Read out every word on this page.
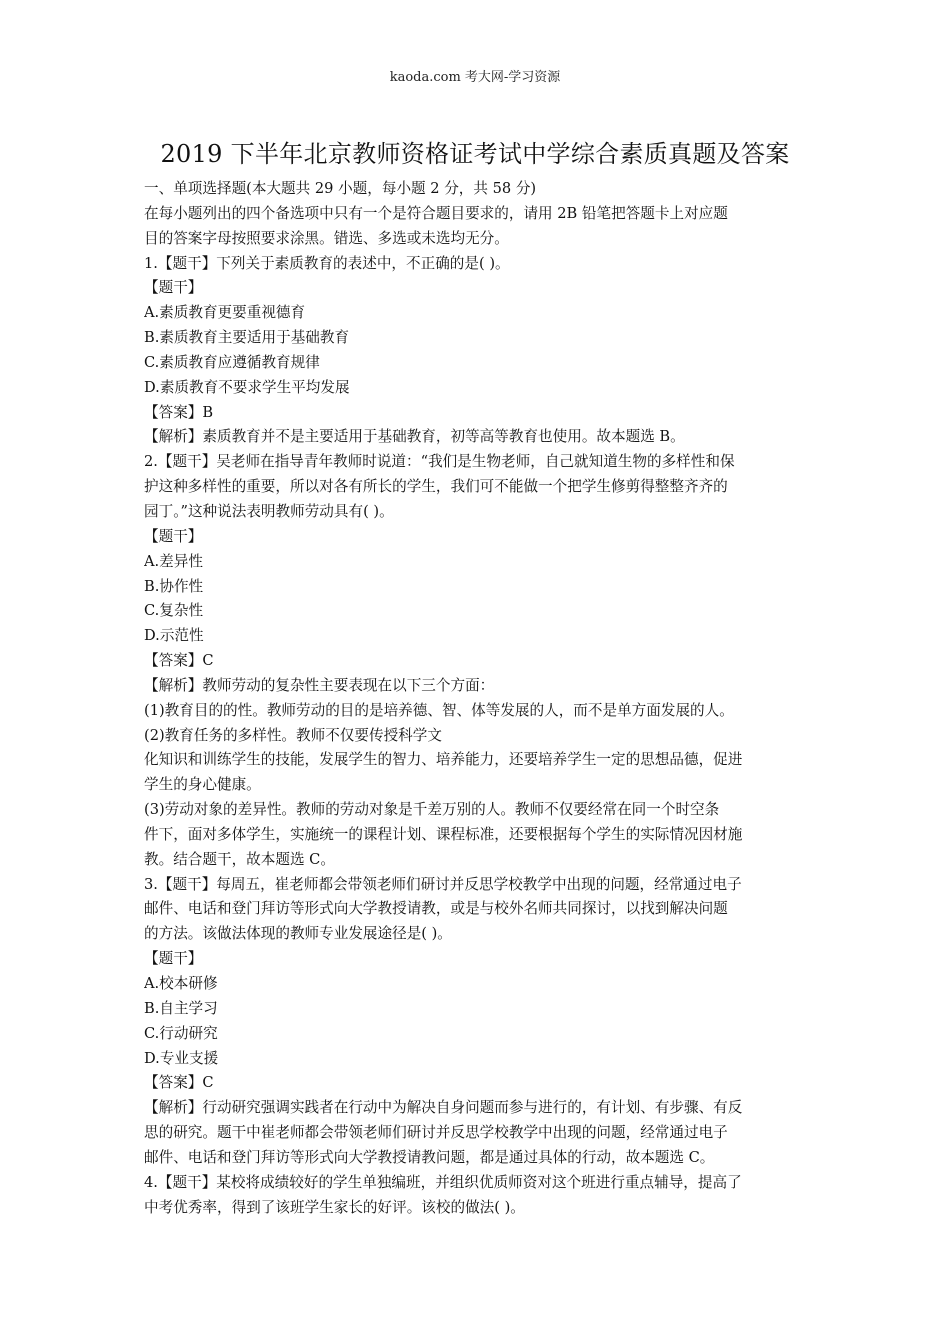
kaoda.com 考大网-学习资源
2019 下半年北京教师资格证考试中学综合素质真题及答案
一、单项选择题(本大题共 29 小题，每小题 2 分，共 58 分)
在每小题列出的四个备选项中只有一个是符合题目要求的，请用 2B 铅笔把答题卡上对应题
目的答案字母按照要求涂黑。错选、多选或未选均无分。
1.【题干】下列关于素质教育的表述中，不正确的是( )。
【题干】
A.素质教育更要重视德育
B.素质教育主要适用于基础教育
C.素质教育应遵循教育规律
D.素质教育不要求学生平均发展
【答案】B
【解析】素质教育并不是主要适用于基础教育，初等高等教育也使用。故本题选 B。
2.【题干】吴老师在指导青年教师时说道：“我们是生物老师，自己就知道生物的多样性和保
护这种多样性的重要，所以对各有所长的学生，我们可不能做一个把学生修剪得整整齐齐的
园丁。”这种说法表明教师劳动具有( )。
【题干】
A.差异性
B.协作性
C.复杂性
D.示范性
【答案】C
【解析】教师劳动的复杂性主要表现在以下三个方面：
(1)教育目的的性。教师劳动的目的是培养德、智、体等发展的人，而不是单方面发展的人。
(2)教育任务的多样性。教师不仅要传授科学文
化知识和训练学生的技能，发展学生的智力、培养能力，还要培养学生一定的思想品德，促进
学生的身心健康。
(3)劳动对象的差异性。教师的劳动对象是千差万别的人。教师不仅要经常在同一个时空条
件下，面对多体学生，实施统一的课程计划、课程标准，还要根据每个学生的实际情况因材施
教。结合题干，故本题选 C。
3.【题干】每周五，崔老师都会带领老师们研讨并反思学校教学中出现的问题，经常通过电子
邮件、电话和登门拜访等形式向大学教授请教，或是与校外名师共同探讨，以找到解决问题
的方法。该做法体现的教师专业发展途径是( )。
【题干】
A.校本研修
B.自主学习
C.行动研究
D.专业支援
【答案】C
【解析】行动研究强调实践者在行动中为解决自身问题而参与进行的，有计划、有步骤、有反
思的研究。题干中崔老师都会带领老师们研讨并反思学校教学中出现的问题，经常通过电子
邮件、电话和登门拜访等形式向大学教授请教问题，都是通过具体的行动，故本题选 C。
4.【题干】某校将成绩较好的学生单独编班，并组织优质师资对这个班进行重点辅导，提高了
中考优秀率，得到了该班学生家长的好评。该校的做法( )。
